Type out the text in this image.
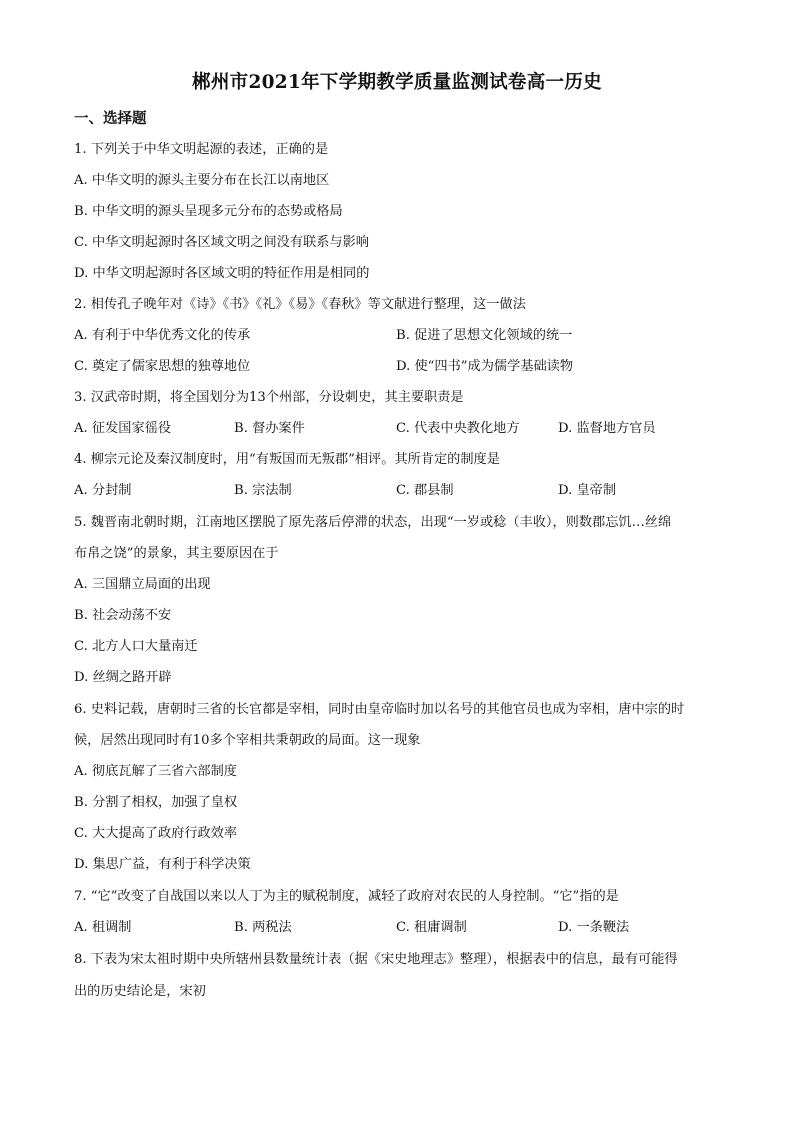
郴州市2021年下学期教学质量监测试卷高一历史
一、选择题
1. 下列关于中华文明起源的表述，正确的是
A. 中华文明的源头主要分布在长江以南地区
B. 中华文明的源头呈现多元分布的态势或格局
C. 中华文明起源时各区域文明之间没有联系与影响
D. 中华文明起源时各区域文明的特征作用是相同的
2. 相传孔子晚年对《诗》《书》《礼》《易》《春秋》等文献进行整理，这一做法
A. 有利于中华优秀文化的传承	B. 促进了思想文化领域的统一
C. 奠定了儒家思想的独尊地位	D. 使“四书”成为儒学基础读物
3. 汉武帝时期，将全国划分为13个州部，分设刺史，其主要职责是
A. 征发国家徭役	B. 督办案件	C. 代表中央教化地方	D. 监督地方官员
4. 柳宗元论及秦汉制度时，用“有叛国而无叛郡”相评。其所肯定的制度是
A. 分封制	B. 宗法制	C. 郡县制	D. 皇帝制
5. 魏晋南北朝时期，江南地区摆脱了原先落后停滞的状态，出现“一岁或稔（丰收），则数郡忘饥…丝绵
布帛之饶”的景象，其主要原因在于
A. 三国鼎立局面的出现
B. 社会动荡不安
C. 北方人口大量南迁
D. 丝绸之路开辟
6. 史料记载，唐朝时三省的长官都是宰相，同时由皇帝临时加以名号的其他官员也成为宰相，唐中宗的时
候，居然出现同时有10多个宰相共秉朝政的局面。这一现象
A. 彻底瓦解了三省六部制度
B. 分割了相权，加强了皇权
C. 大大提高了政府行政效率
D. 集思广益，有利于科学决策
7. “它”改变了自战国以来以人丁为主的赋税制度，减轻了政府对农民的人身控制。“它”指的是
A. 租调制	B. 两税法	C. 租庸调制	D. 一条鞭法
8. 下表为宋太祖时期中央所辖州县数量统计表（据《宋史地理志》整理），根据表中的信息，最有可能得
出的历史结论是，宋初
